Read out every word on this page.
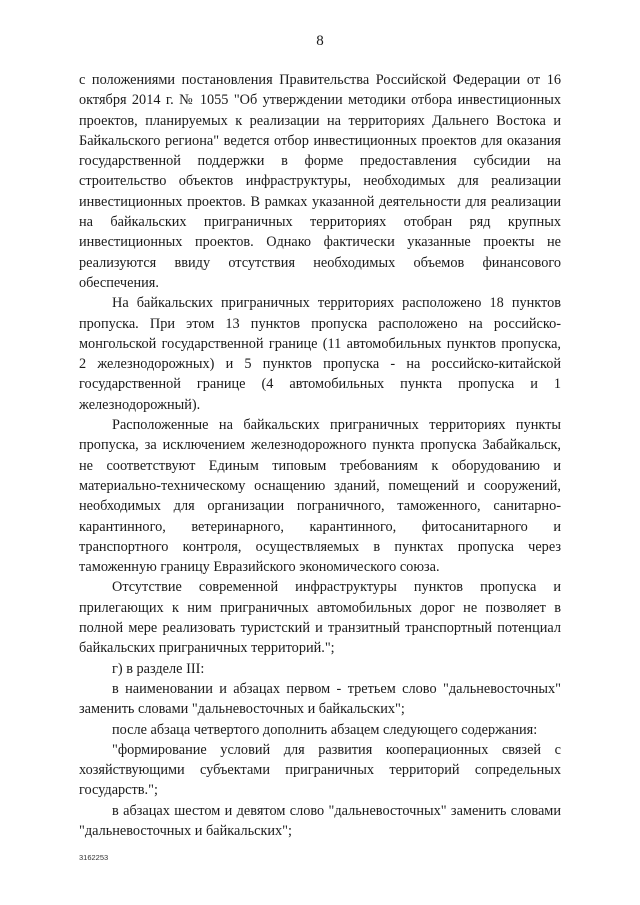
8

с положениями постановления Правительства Российской Федерации от 16 октября 2014 г. № 1055 "Об утверждении методики отбора инвестиционных проектов, планируемых к реализации на территориях Дальнего Востока и Байкальского региона" ведется отбор инвестиционных проектов для оказания государственной поддержки в форме предоставления субсидии на строительство объектов инфраструктуры, необходимых для реализации инвестиционных проектов. В рамках указанной деятельности для реализации на байкальских приграничных территориях отобран ряд крупных инвестиционных проектов. Однако фактически указанные проекты не реализуются ввиду отсутствия необходимых объемов финансового обеспечения.

На байкальских приграничных территориях расположено 18 пунктов пропуска. При этом 13 пунктов пропуска расположено на российско-монгольской государственной границе (11 автомобильных пунктов пропуска, 2 железнодорожных) и 5 пунктов пропуска - на российско-китайской государственной границе (4 автомобильных пункта пропуска и 1 железнодорожный).

Расположенные на байкальских приграничных территориях пункты пропуска, за исключением железнодорожного пункта пропуска Забайкальск, не соответствуют Единым типовым требованиям к оборудованию и материально-техническому оснащению зданий, помещений и сооружений, необходимых для организации пограничного, таможенного, санитарно-карантинного, ветеринарного, карантинного, фитосанитарного и транспортного контроля, осуществляемых в пунктах пропуска через таможенную границу Евразийского экономического союза.

Отсутствие современной инфраструктуры пунктов пропуска и прилегающих к ним приграничных автомобильных дорог не позволяет в полной мере реализовать туристский и транзитный транспортный потенциал байкальских приграничных территорий.";

г) в разделе III:

в наименовании и абзацах первом - третьем слово "дальневосточных" заменить словами "дальневосточных и байкальских";

после абзаца четвертого дополнить абзацем следующего содержания:

"формирование условий для развития кооперационных связей с хозяйствующими субъектами приграничных территорий сопредельных государств.";

в абзацах шестом и девятом слово "дальневосточных" заменить словами "дальневосточных и байкальских";

3162253
